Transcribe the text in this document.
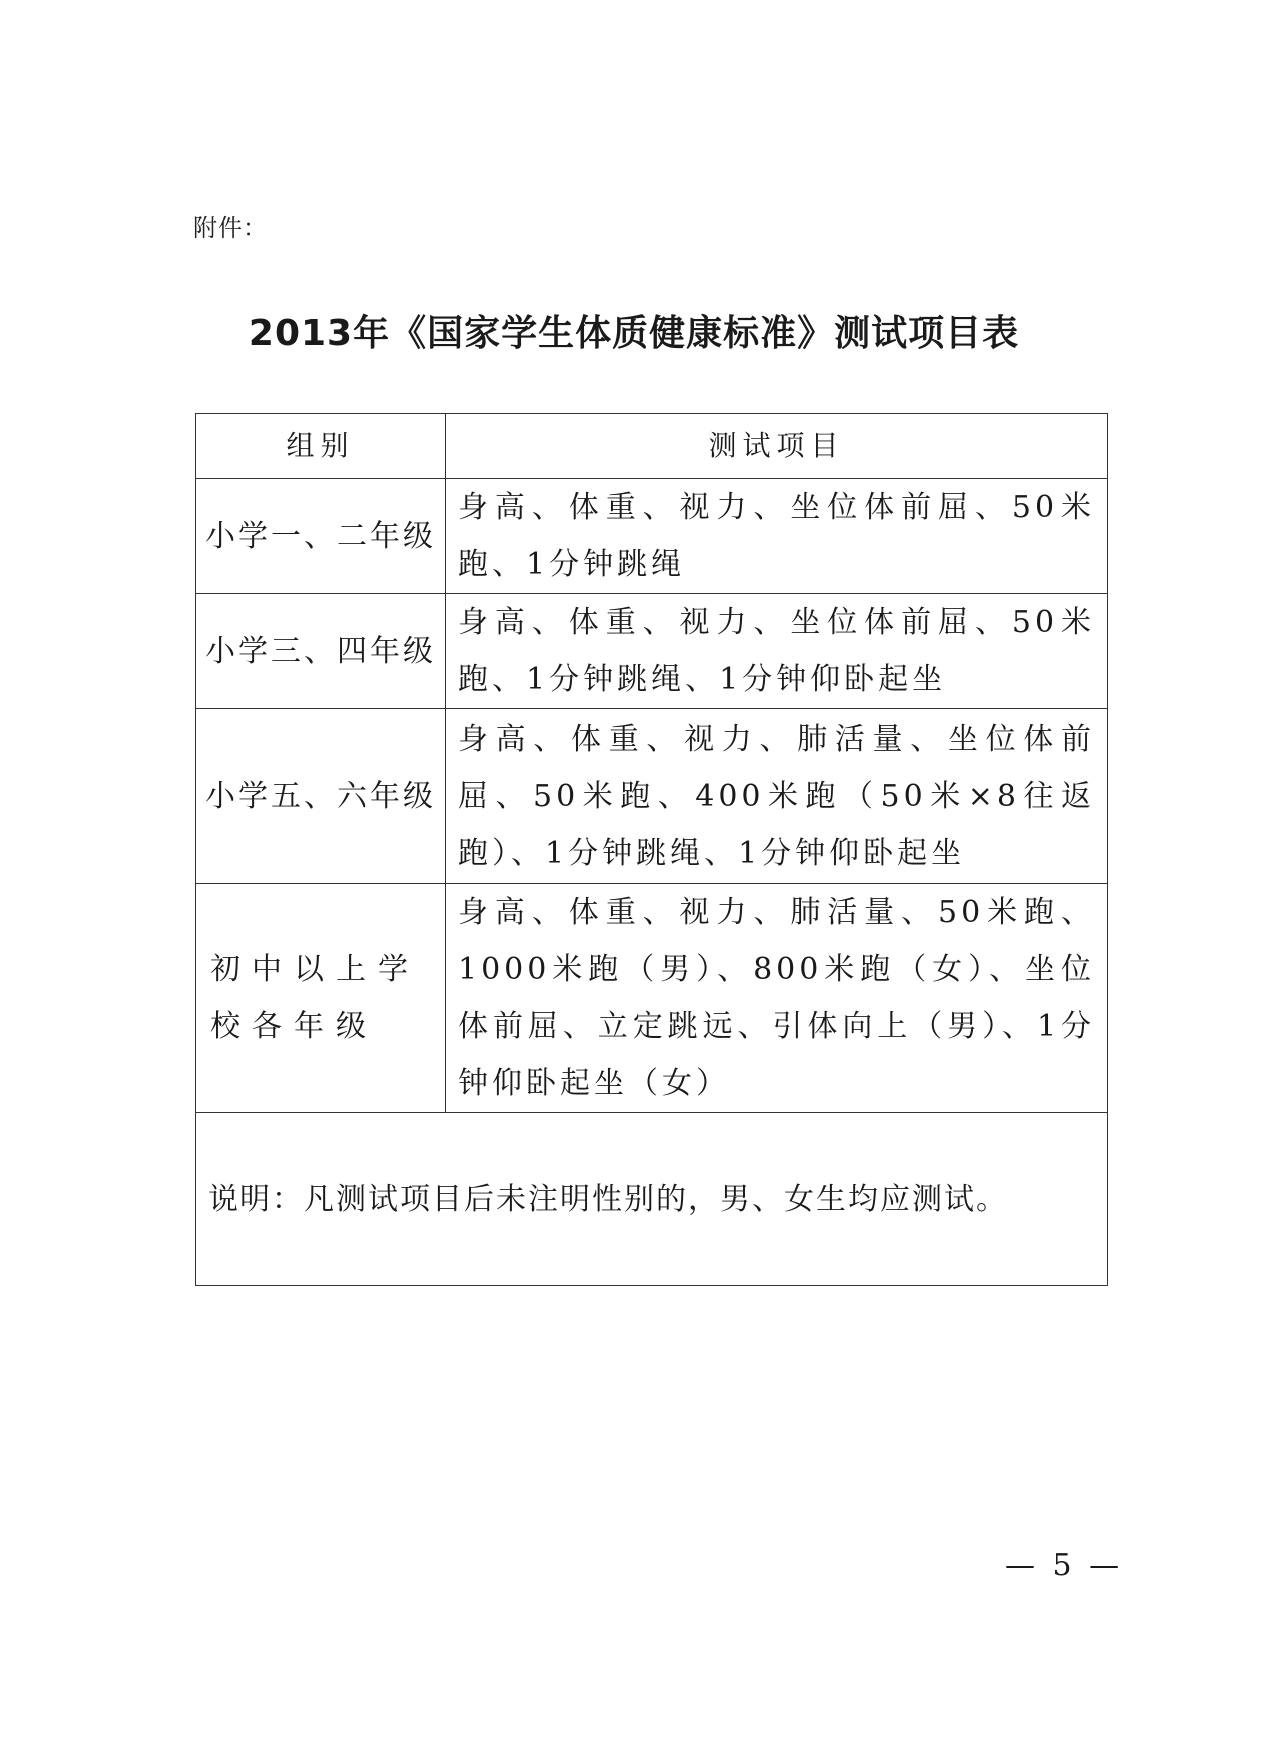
附件：
2013年《国家学生体质健康标准》测试项目表
组别	测试项目
小学一、二年级	身高、体重、视力、坐位体前屈、50米跑、1分钟跳绳
小学三、四年级	身高、体重、视力、坐位体前屈、50米跑、1分钟跳绳、1分钟仰卧起坐
小学五、六年级	身高、体重、视力、肺活量、坐位体前屈、50米跑、400米跑（50米×8往返跑）、1分钟跳绳、1分钟仰卧起坐
初中以上学校各年级	身高、体重、视力、肺活量、50米跑、1000米跑（男）、800米跑（女）、坐位体前屈、立定跳远、引体向上（男）、1分钟仰卧起坐（女）
说明：凡测试项目后未注明性别的，男、女生均应测试。	
— 5 —
